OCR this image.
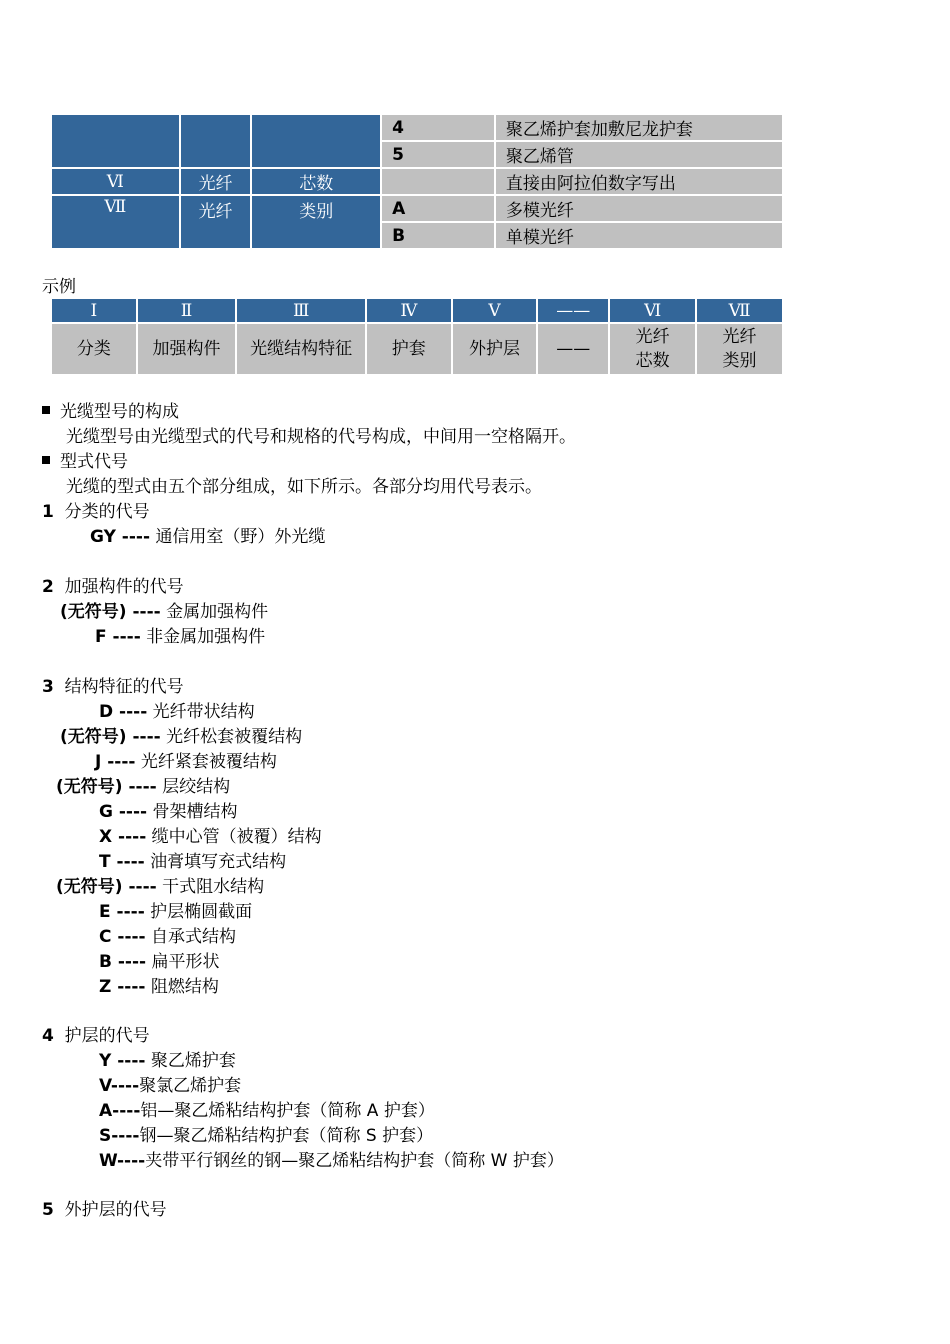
			4	聚乙烯护套加敷尼龙护套
			5	聚乙烯管
Ⅵ	光纤	芯数		直接由阿拉伯数字写出
Ⅶ	光纤	类别	A	多模光纤
			B	单模光纤
示例
Ⅰ	Ⅱ	Ⅲ	Ⅳ	Ⅴ	——	Ⅵ	Ⅶ
分类	加强构件	光缆结构特征	护套	外护层	——	光纤芯数	光纤类别
光缆型号的构成
光缆型号由光缆型式的代号和规格的代号构成，中间用一空格隔开。
型式代号
光缆的型式由五个部分组成，如下所示。各部分均用代号表示。
1 分类的代号
GY ---- 通信用室（野）外光缆
2 加强构件的代号
(无符号) ---- 金属加强构件
F ---- 非金属加强构件
3 结构特征的代号
D ---- 光纤带状结构
(无符号) ---- 光纤松套被覆结构
J ---- 光纤紧套被覆结构
(无符号) ---- 层绞结构
G ---- 骨架槽结构
X ---- 缆中心管（被覆）结构
T ---- 油膏填写充式结构
(无符号) ---- 干式阻水结构
E ---- 护层椭圆截面
C ---- 自承式结构
B ---- 扁平形状
Z ---- 阻燃结构
4 护层的代号
Y ---- 聚乙烯护套
V----聚氯乙烯护套
A----铝—聚乙烯粘结构护套（简称 A 护套）
S----钢—聚乙烯粘结构护套（简称 S 护套）
W----夹带平行钢丝的钢—聚乙烯粘结构护套（简称 W 护套）
5 外护层的代号
